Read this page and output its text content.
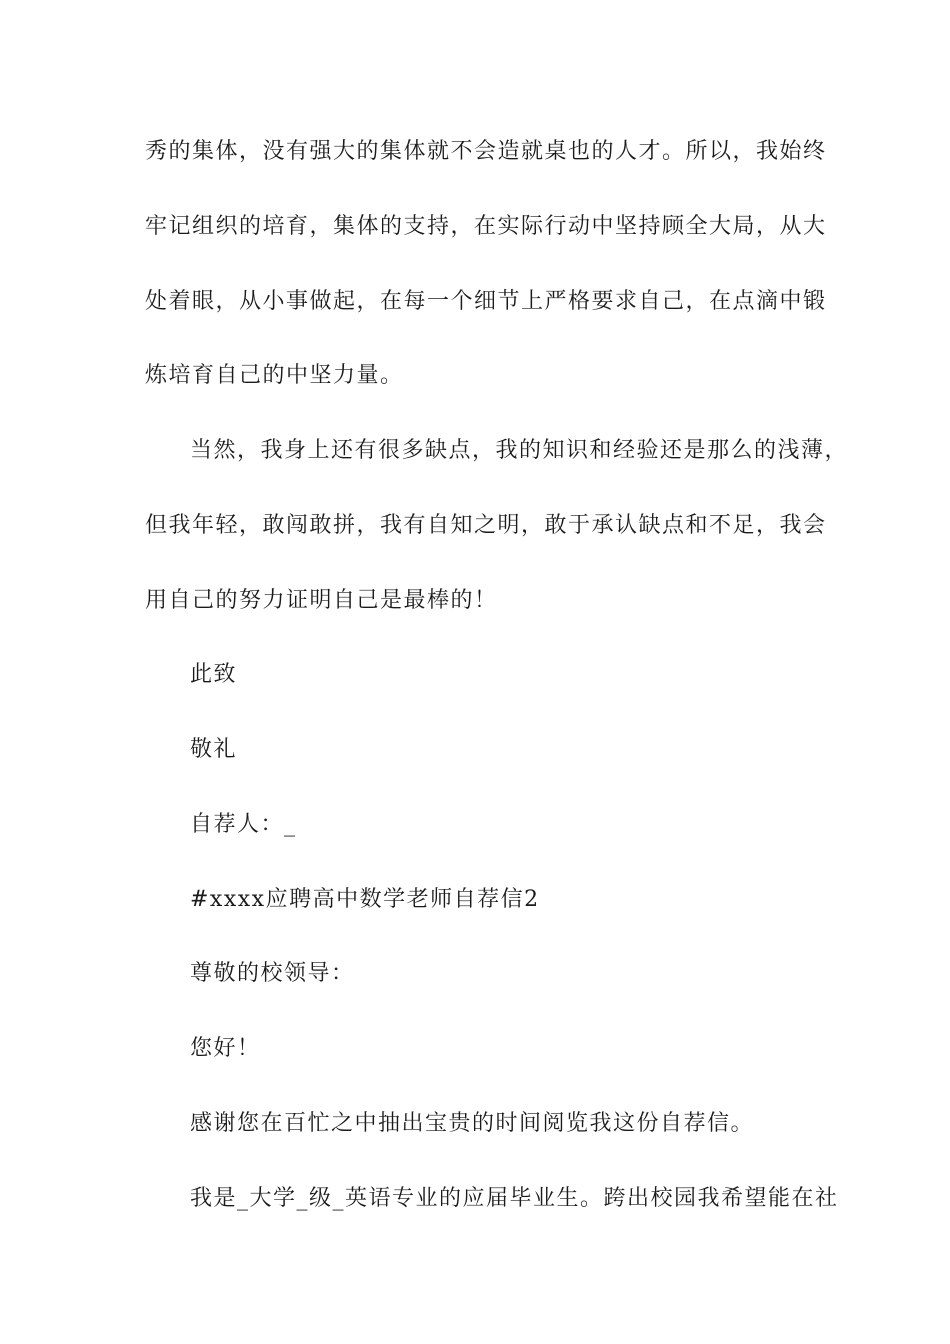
秀的集体，没有强大的集体就不会造就桌也的人才。所以，我始终
牢记组织的培育，集体的支持，在实际行动中坚持顾全大局，从大
处着眼，从小事做起，在每一个细节上严格要求自己，在点滴中锻
炼培育自己的中坚力量。
当然，我身上还有很多缺点，我的知识和经验还是那么的浅薄，
但我年轻，敢闯敢拼，我有自知之明，敢于承认缺点和不足，我会
用自己的努力证明自己是最棒的！
此致
敬礼
自荐人：_
#xxxx应聘高中数学老师自荐信2
尊敬的校领导：
您好！
感谢您在百忙之中抽出宝贵的时间阅览我这份自荐信。
我是_大学_级_英语专业的应届毕业生。跨出校园我希望能在社
